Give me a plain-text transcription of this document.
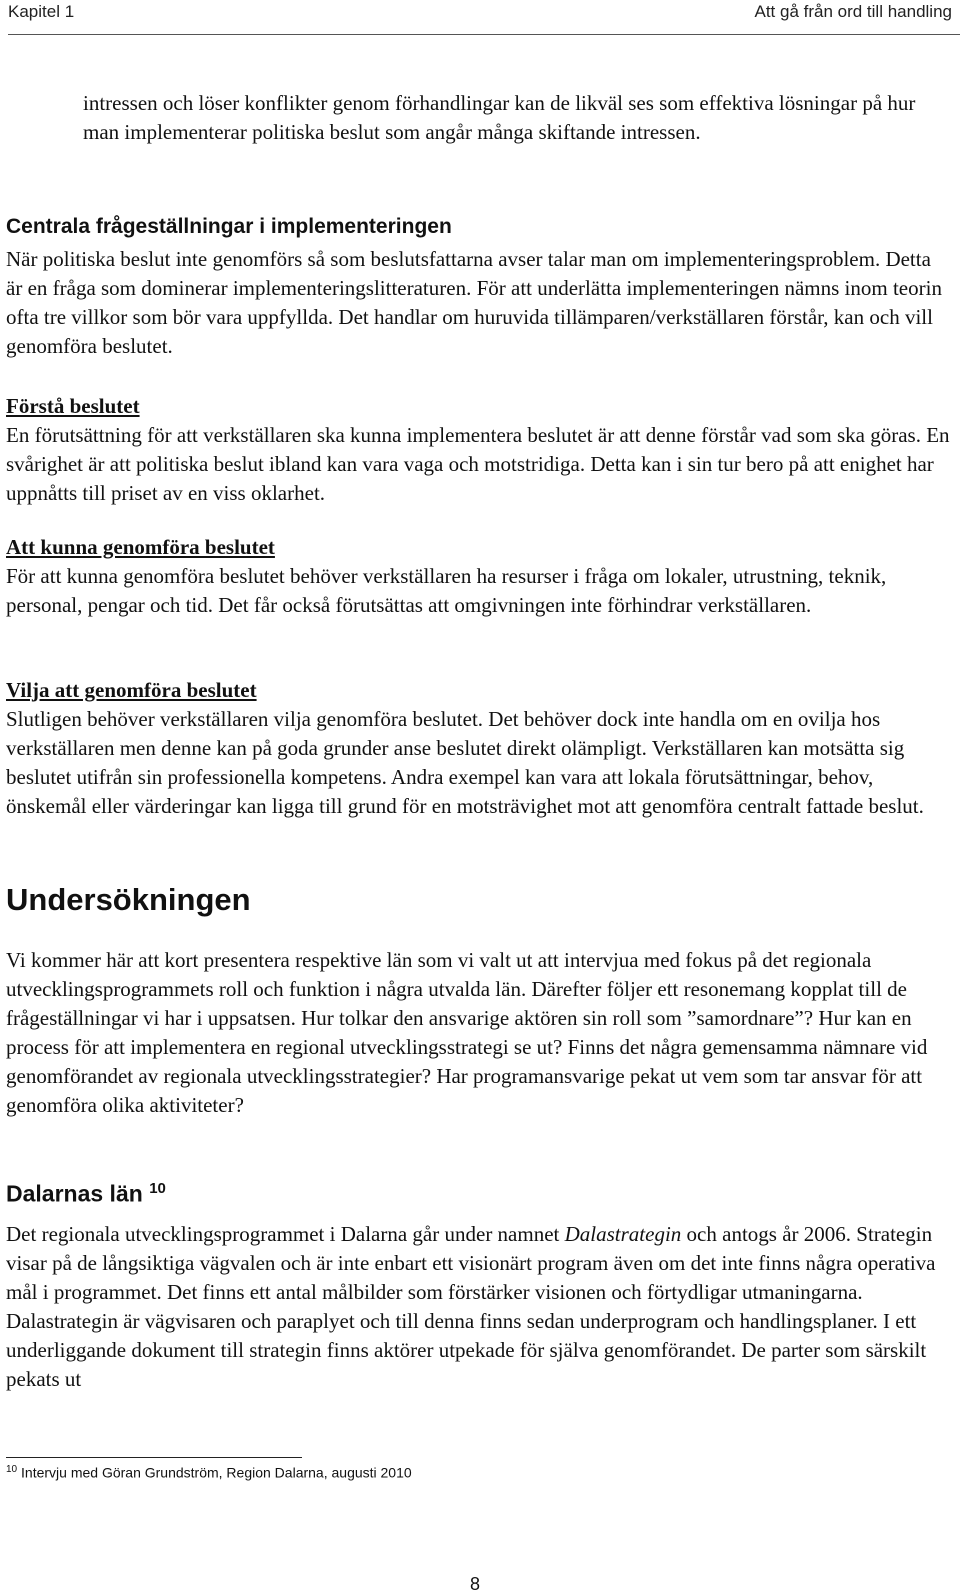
Kapitel 1	Att gå från ord till handling

intressen och löser konflikter genom förhandlingar kan de likväl ses som effektiva lösningar på hur man implementerar politiska beslut som angår många skiftande intressen.

Centrala frågeställningar i implementeringen

När politiska beslut inte genomförs så som beslutsfattarna avser talar man om implementeringsproblem. Detta är en fråga som dominerar implementeringslitteraturen. För att underlätta implementeringen nämns inom teorin ofta tre villkor som bör vara uppfyllda. Det handlar om huruvida tillämparen/verkställaren förstår, kan och vill genomföra beslutet.

Förstå beslutet

En förutsättning för att verkställaren ska kunna implementera beslutet är att denne förstår vad som ska göras. En svårighet är att politiska beslut ibland kan vara vaga och motstridiga. Detta kan i sin tur bero på att enighet har uppnåtts till priset av en viss oklarhet.

Att kunna genomföra beslutet

För att kunna genomföra beslutet behöver verkställaren ha resurser i fråga om lokaler, utrustning, teknik, personal, pengar och tid. Det får också förutsättas att omgivningen inte förhindrar verkställaren.

Vilja att genomföra beslutet

Slutligen behöver verkställaren vilja genomföra beslutet. Det behöver dock inte handla om en ovilja hos verkställaren men denne kan på goda grunder anse beslutet direkt olämpligt. Verkställaren kan motsätta sig beslutet utifrån sin professionella kompetens. Andra exempel kan vara att lokala förutsättningar, behov, önskemål eller värderingar kan ligga till grund för en motsträvighet mot att genomföra centralt fattade beslut.

Undersökningen

Vi kommer här att kort presentera respektive län som vi valt ut att intervjua med fokus på det regionala utvecklingsprogrammets roll och funktion i några utvalda län. Därefter följer ett resonemang kopplat till de frågeställningar vi har i uppsatsen. Hur tolkar den ansvarige aktören sin roll som ”samordnare”? Hur kan en process för att implementera en regional utvecklingsstrategi se ut? Finns det några gemensamma nämnare vid genomförandet av regionala utvecklingsstrategier? Har programansvarige pekat ut vem som tar ansvar för att genomföra olika aktiviteter?

Dalarnas län $^{10}$

Det regionala utvecklingsprogrammet i Dalarna går under namnet Dalastrategin och antogs år 2006. Strategin visar på de långsiktiga vägvalen och är inte enbart ett visionärt program även om det inte finns några operativa mål i programmet. Det finns ett antal målbilder som förstärker visionen och förtydligar utmaningarna. Dalastrategin är vägvisaren och paraplyet och till denna finns sedan underprogram och handlingsplaner. I ett underliggande dokument till strategin finns aktörer utpekade för själva genomförandet. De parter som särskilt pekats ut

$^{10}$ Intervju med Göran Grundström, Region Dalarna, augusti 2010
8
